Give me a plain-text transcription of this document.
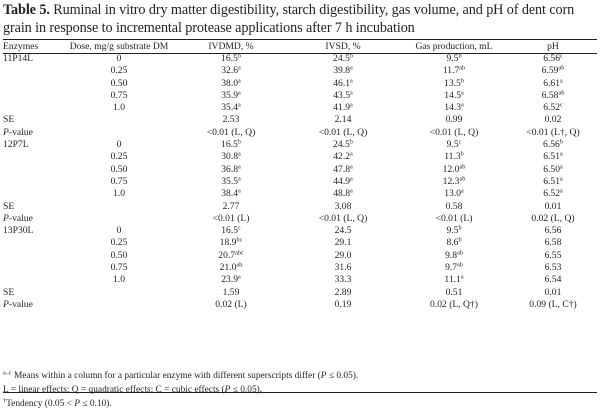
Table 5. Ruminal in vitro dry matter digestibility, starch digestibility, gas volume, and pH of dent corn grain in response to incremental protease applications after 7 h incubation
Enzymes	Dose, mg/g substrate DM	IVDMD, %	IVSD, %	Gas production, mL	pH
11P14L	0	16.5$^b$	24.5$^b$	9.5$^b$	6.56$^c$
	0.25	32.6$^a$	39.8$^a$	11.7$^{ab}$	6.59$^{ab}$
	0.50	38.0$^a$	46.1$^a$	13.5$^b$	6.61$^a$
	0.75	35.9$^a$	43.5$^a$	14.5$^a$	6.58$^{ab}$
	1.0	35.4$^a$	41.9$^a$	14.3$^a$	6.52$^c$
SE		2.53	2.14	0.99	0.02
P-value		<0.01 (L, Q)	<0.01 (L, Q)	<0.01 (L, Q)	<0.01 (L†, Q)
12P7L	0	16.5$^b$	24.5$^b$	9.5$^c$	6.56$^b$
	0.25	30.8$^a$	42.2$^a$	11.3$^b$	6.51$^a$
	0.50	36.8$^a$	47.8$^a$	12.0$^{ab}$	6.50$^a$
	0.75	35.5$^a$	44.9$^a$	12.3$^{ab}$	6.51$^a$
	1.0	38.4$^a$	48.8$^a$	13.0$^a$	6.52$^a$
SE		2.77	3.08	0.58	0.01
P-value		<0.01 (L)	<0.01 (L, Q)	<0.01 (L)	0.02 (L, Q)
13P30L	0	16.5$^c$	24.5	9.5$^b$	6.56
	0.25	18.9$^{bc}$	29.1	8.6$^b$	6.58
	0.50	20.7$^{abc}$	29.0	9.8$^{ab}$	6.55
	0.75	21.0$^{ab}$	31.6	9.7$^{ab}$	6.53
	1.0	23.9$^a$	33.3	11.1$^a$	6.54
SE		1.59	2.89	0.51	0.01
P-value		0.02 (L)	0.19	0.02 (L, Q†)	0.09 (L, C†)
$^{a-c}$ Means within a column for a particular enzyme with different superscripts differ (P ≤ 0.05).
L = linear effects; Q = quadratic effects; C = cubic effects (P ≤ 0.05).
†Tendency (0.05 < P ≤ 0.10).
